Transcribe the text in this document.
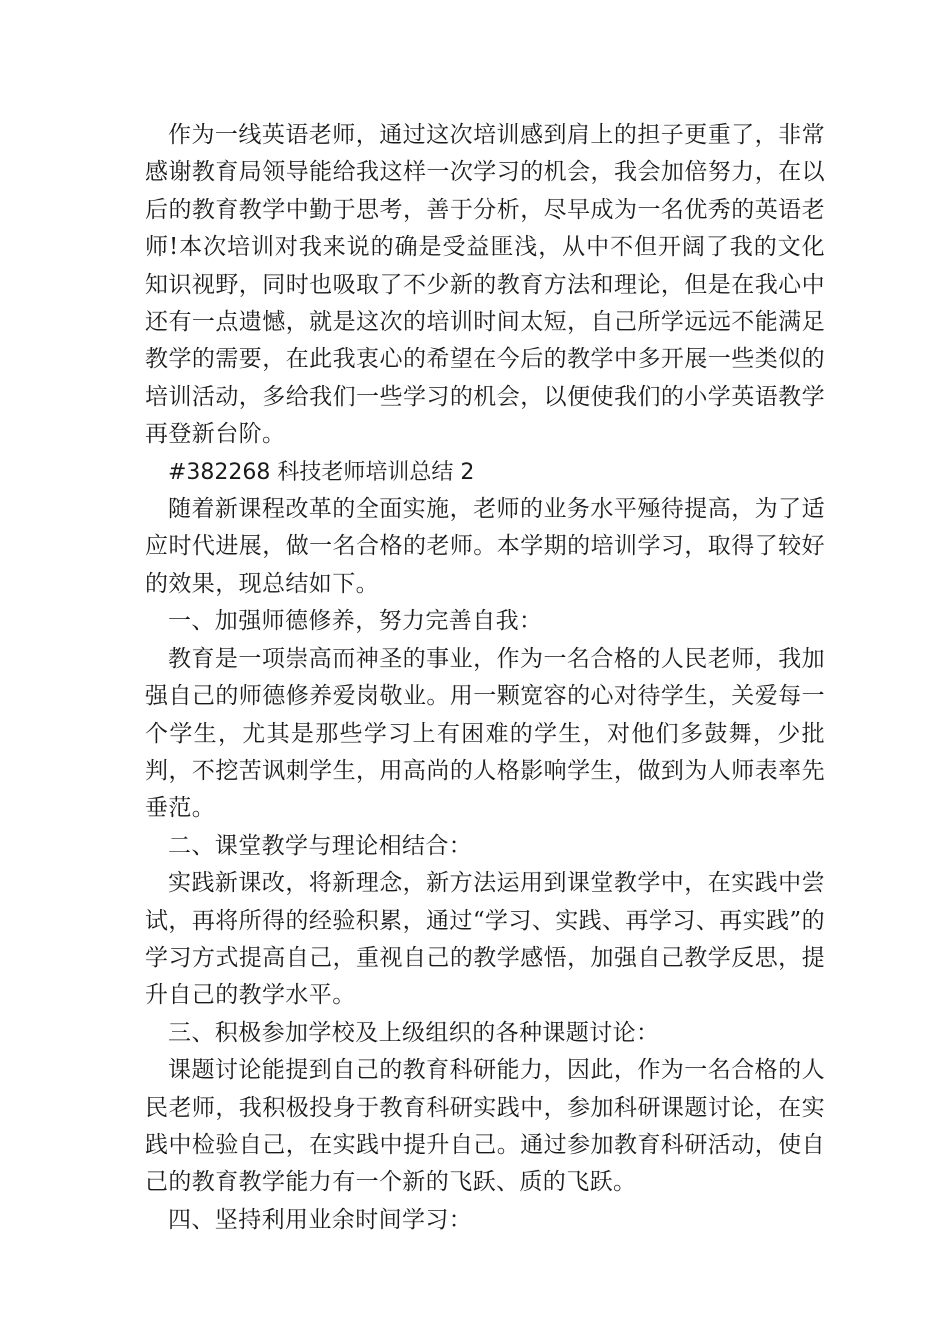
作为一线英语老师，通过这次培训感到肩上的担子更重了，非常感谢教育局领导能给我这样一次学习的机会，我会加倍努力，在以后的教育教学中勤于思考，善于分析，尽早成为一名优秀的英语老师!本次培训对我来说的确是受益匪浅，从中不但开阔了我的文化知识视野，同时也吸取了不少新的教育方法和理论，但是在我心中还有一点遗憾，就是这次的培训时间太短，自己所学远远不能满足教学的需要，在此我衷心的希望在今后的教学中多开展一些类似的培训活动，多给我们一些学习的机会，以便使我们的小学英语教学再登新台阶。

#382268 科技老师培训总结 2

随着新课程改革的全面实施，老师的业务水平殛待提高，为了适应时代进展，做一名合格的老师。本学期的培训学习，取得了较好的效果，现总结如下。

一、加强师德修养，努力完善自我：

教育是一项崇高而神圣的事业，作为一名合格的人民老师，我加强自己的师德修养爱岗敬业。用一颗宽容的心对待学生，关爱每一个学生，尤其是那些学习上有困难的学生，对他们多鼓舞，少批判，不挖苦讽刺学生，用高尚的人格影响学生，做到为人师表率先垂范。

二、课堂教学与理论相结合：

实践新课改，将新理念，新方法运用到课堂教学中，在实践中尝试，再将所得的经验积累，通过“学习、实践、再学习、再实践”的学习方式提高自己，重视自己的教学感悟，加强自己教学反思，提升自己的教学水平。

三、积极参加学校及上级组织的各种课题讨论：

课题讨论能提到自己的教育科研能力，因此，作为一名合格的人民老师，我积极投身于教育科研实践中，参加科研课题讨论，在实践中检验自己，在实践中提升自己。通过参加教育科研活动，使自己的教育教学能力有一个新的飞跃、质的飞跃。

四、坚持利用业余时间学习：
